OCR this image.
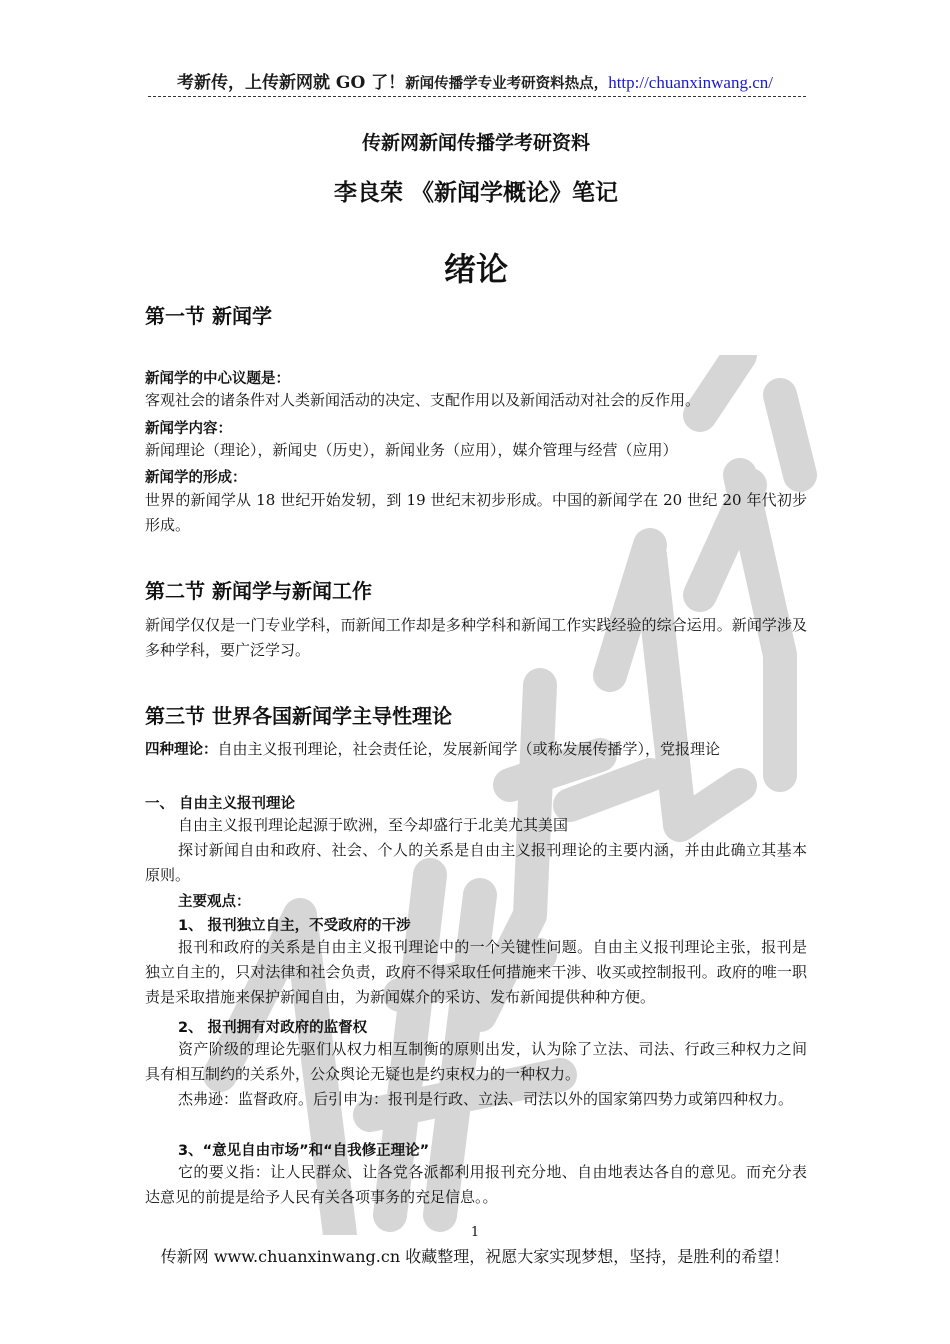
考新传，上传新网就 GO 了！新闻传播学专业考研资料热点，http://chuanxinwang.cn/
传新网新闻传播学考研资料
李良荣 《新闻学概论》笔记
绪论
第一节 新闻学
新闻学的中心议题是：
客观社会的诸条件对人类新闻活动的决定、支配作用以及新闻活动对社会的反作用。
新闻学内容：
新闻理论（理论），新闻史（历史），新闻业务（应用），媒介管理与经营（应用）
新闻学的形成：
世界的新闻学从 18 世纪开始发轫，到 19 世纪末初步形成。中国的新闻学在 20 世纪 20 年代初步形成。
第二节 新闻学与新闻工作
新闻学仅仅是一门专业学科，而新闻工作却是多种学科和新闻工作实践经验的综合运用。新闻学涉及多种学科，要广泛学习。
第三节 世界各国新闻学主导性理论
四种理论：自由主义报刊理论，社会责任论，发展新闻学（或称发展传播学），党报理论
一、 自由主义报刊理论
自由主义报刊理论起源于欧洲，至今却盛行于北美尤其美国
探讨新闻自由和政府、社会、个人的关系是自由主义报刊理论的主要内涵，并由此确立其基本原则。
主要观点：
1、 报刊独立自主，不受政府的干涉
报刊和政府的关系是自由主义报刊理论中的一个关键性问题。自由主义报刊理论主张，报刊是独立自主的，只对法律和社会负责，政府不得采取任何措施来干涉、收买或控制报刊。政府的唯一职责是采取措施来保护新闻自由，为新闻媒介的采访、发布新闻提供种种方便。
2、 报刊拥有对政府的监督权
资产阶级的理论先驱们从权力相互制衡的原则出发，认为除了立法、司法、行政三种权力之间具有相互制约的关系外，公众舆论无疑也是约束权力的一种权力。
杰弗逊：监督政府。后引申为：报刊是行政、立法、司法以外的国家第四势力或第四种权力。
3、“意见自由市场”和“自我修正理论”
它的要义指：让人民群众、让各党各派都利用报刊充分地、自由地表达各自的意见。而充分表达意见的前提是给予人民有关各项事务的充足信息。。
1
传新网 www.chuanxinwang.cn 收藏整理，祝愿大家实现梦想，坚持，是胜利的希望！
